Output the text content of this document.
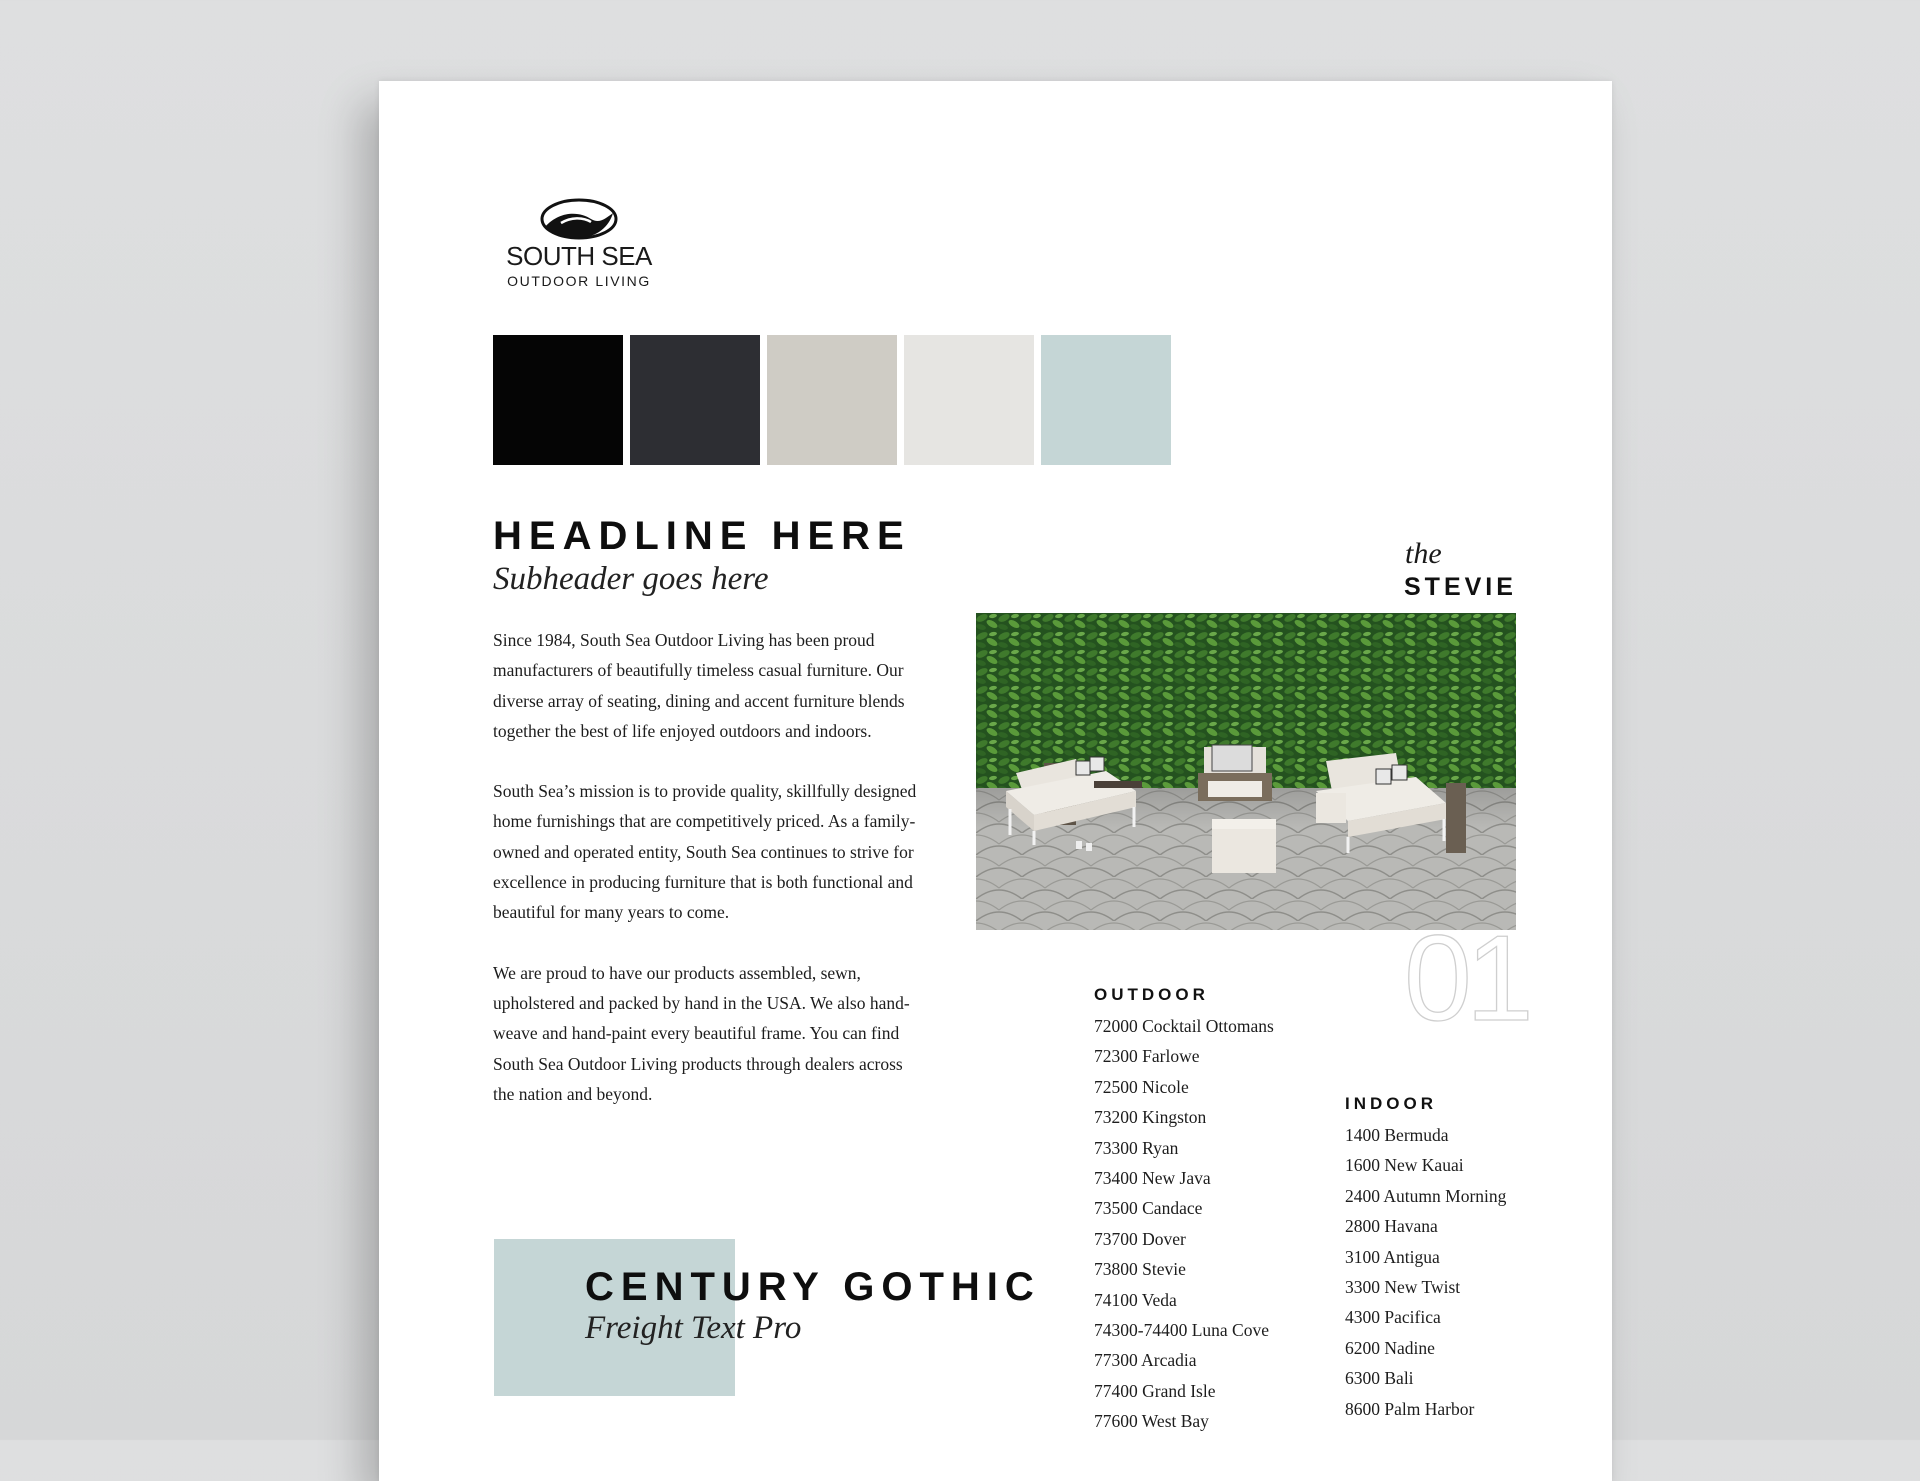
SOUTH SEA
OUTDOOR LIVING
HEADLINE HERE
Subheader goes here

Since 1984, South Sea Outdoor Living has been proud manufacturers of beautifully timeless casual furniture. Our diverse array of seating, dining and accent furniture blends together the best of life enjoyed outdoors and indoors.

South Sea’s mission is to provide quality, skillfully designed home furnishings that are competitively priced. As a family-owned and operated entity, South Sea continues to strive for excellence in producing furniture that is both functional and beautiful for many years to come.

We are proud to have our products assembled, sewn, upholstered and packed by hand in the USA. We also hand-weave and hand-paint every beautiful frame. You can find South Sea Outdoor Living products through dealers across the nation and beyond.

the
STEVIE
01
OUTDOOR
72000 Cocktail Ottomans
72300 Farlowe
72500 Nicole
73200 Kingston
73300 Ryan
73400 New Java
73500 Candace
73700 Dover
73800 Stevie
74100 Veda
74300-74400 Luna Cove
77300 Arcadia
77400 Grand Isle
77600 West Bay
INDOOR
1400 Bermuda
1600 New Kauai
2400 Autumn Morning
2800 Havana
3100 Antigua
3300 New Twist
4300 Pacifica
6200 Nadine
6300 Bali
8600 Palm Harbor
CENTURY GOTHIC
Freight Text Pro
